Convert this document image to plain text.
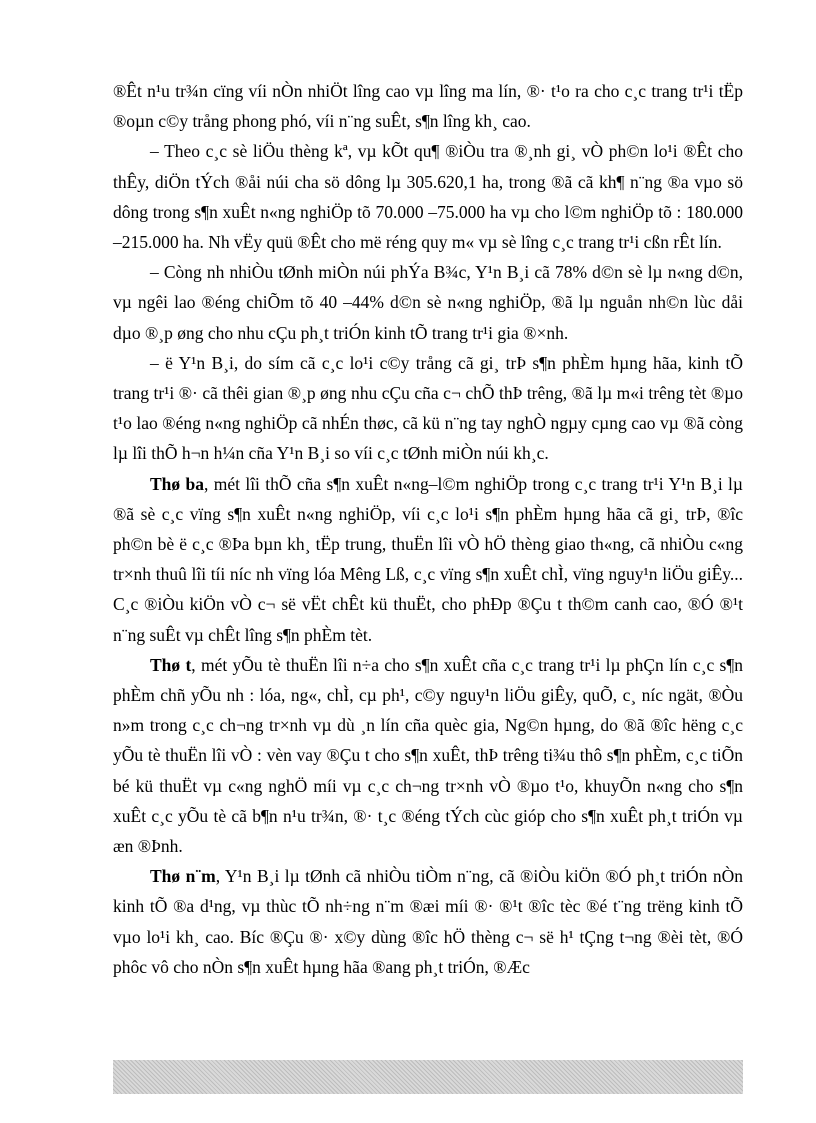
®Êt n¹u tr¾n cïng víi nÒn nhiÖt lîng cao vµ lîng ma lín, ®· t¹o ra cho c¸c trang tr¹i tËp ®oµn c©y trång phong phó, víi n¨ng suÊt, s¶n lîng kh¸ cao.

– Theo c¸c sè liÖu thèng kª, vµ kÕt qu¶ ®iÒu tra ®¸nh gi¸ vÒ ph©n lo¹i ®Êt cho thÊy, diÖn tÝch ®åi núi cha sö dông lµ 305.620,1 ha, trong ®ã cã kh¶ n¨ng ®a vµo sö dông trong s¶n xuÊt n«ng nghiÖp tõ 70.000 –75.000 ha vµ cho l©m nghiÖp tõ : 180.000 –215.000 ha. Nh vËy quü ®Êt cho më réng quy m« vµ sè lîng c¸c trang tr¹i cßn rÊt lín.

– Còng nh nhiÒu tØnh miÒn núi phÝa B¾c, Y¹n B¸i cã 78% d©n sè lµ n«ng d©n, vµ ngêi lao ®éng chiÕm tõ 40 –44% d©n sè n«ng nghiÖp, ®ã lµ nguån nh©n lùc dåi dµo ®¸p øng cho nhu cÇu ph¸t triÓn kinh tÕ trang tr¹i gia ®×nh.

– ë Y¹n B¸i, do sím cã c¸c lo¹i c©y trång cã gi¸ trÞ s¶n phÈm hµng hãa, kinh tÕ trang tr¹i ®· cã thêi gian ®¸p øng nhu cÇu cña c¬ chÕ thÞ trêng, ®ã lµ m«i trêng tèt ®µo t¹o lao ®éng n«ng nghiÖp cã nhÉn thøc, cã kü n¨ng tay nghÒ ngµy cµng cao vµ ®ã còng lµ lîi thÕ h¬n h¼n cña Y¹n B¸i so víi c¸c tØnh miÒn núi kh¸c.

Thø ba, mét lîi thÕ cña s¶n xuÊt n«ng–l©m nghiÖp trong c¸c trang tr¹i Y¹n B¸i lµ ®ã sè c¸c vïng s¶n xuÊt n«ng nghiÖp, víi c¸c lo¹i s¶n phÈm hµng hãa cã gi¸ trÞ, ®îc ph©n bè ë c¸c ®Þa bµn kh¸ tËp trung, thuËn lîi vÒ hÖ thèng giao th«ng, cã nhiÒu c«ng tr×nh thuû lîi tíi níc nh vïng lóa Mêng Lß, c¸c vïng s¶n xuÊt chÌ, vïng nguy¹n liÖu giÊy... C¸c ®iÒu kiÖn vÒ c¬ së vËt chÊt kü thuËt, cho phÐp ®Çu t th©m canh cao, ®Ó ®¹t n¨ng suÊt vµ chÊt lîng s¶n phÈm tèt.

Thø t, mét yÕu tè thuËn lîi n÷a cho s¶n xuÊt cña c¸c trang tr¹i lµ phÇn lín c¸c s¶n phÈm chñ yÕu nh : lóa, ng«, chÌ, cµ ph¹, c©y nguy¹n liÖu giÊy, quÕ, c¸ níc ngät, ®Òu n»m trong c¸c ch¬ng tr×nh vµ dù ¸n lín cña quèc gia, Ng©n hµng, do ®ã ®îc hëng c¸c yÕu tè thuËn lîi vÒ : vèn vay ®Çu t cho s¶n xuÊt, thÞ trêng ti¾u thô s¶n phÈm, c¸c tiÕn bé kü thuËt vµ c«ng nghÖ míi vµ c¸c ch¬ng tr×nh vÒ ®µo t¹o, khuyÕn n«ng cho s¶n xuÊt c¸c yÕu tè cã b¶n n¹u tr¾n, ®· t¸c ®éng tÝch cùc gióp cho s¶n xuÊt ph¸t triÓn vµ æn ®Þnh.

Thø n¨m, Y¹n B¸i lµ tØnh cã nhiÒu tiÒm n¨ng, cã ®iÒu kiÖn ®Ó ph¸t triÓn nÒn kinh tÕ ®a d¹ng, vµ thùc tÕ nh÷ng n¨m ®æi míi ®· ®¹t ®îc tèc ®é t¨ng trëng kinh tÕ vµo lo¹i kh¸ cao. Bíc ®Çu ®· x©y dùng ®îc hÖ thèng c¬ së h¹ tÇng t¬ng ®èi tèt, ®Ó phôc vô cho nÒn s¶n xuÊt hµng hãa ®ang ph¸t triÓn, ®Æc
